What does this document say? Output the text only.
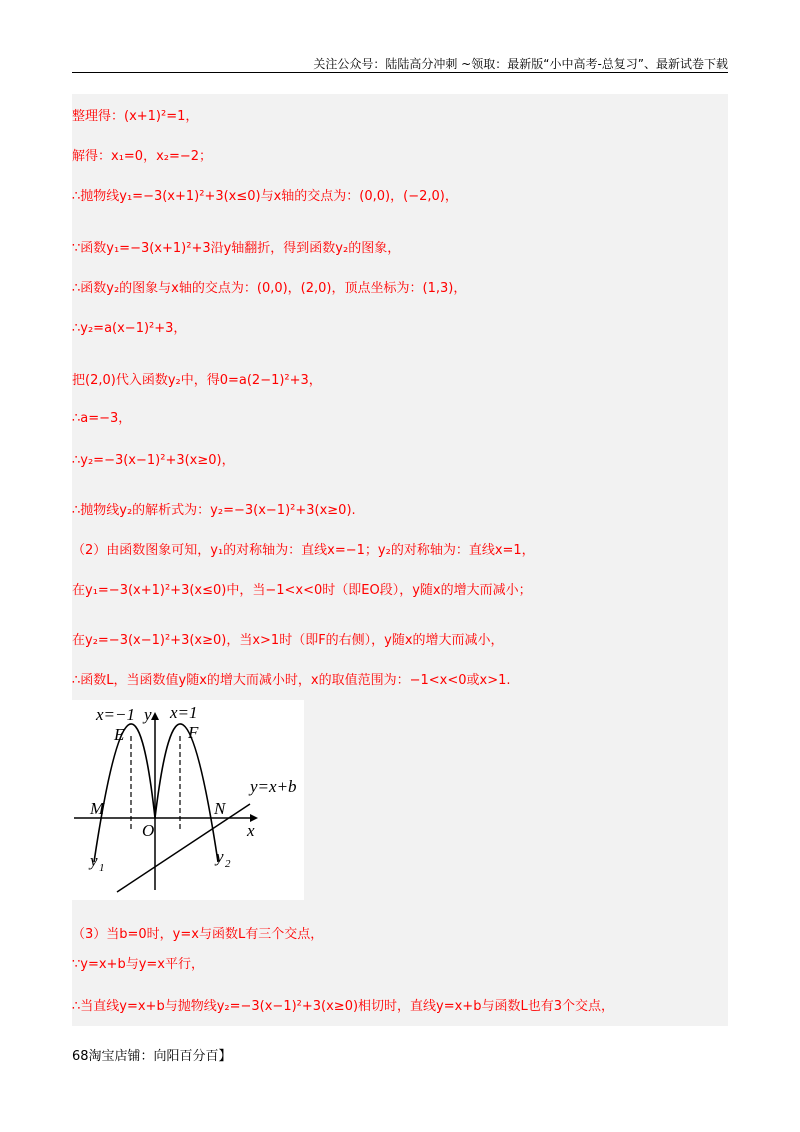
关注公众号：陆陆高分冲刺 ~领取：最新版“小中高考-总复习”、最新试卷下载
整理得：(x+1)²=1，
解得：x₁=0，x₂=−2；
∴抛物线y₁=−3(x+1)²+3(x≤0)与x轴的交点为：(0,0)，(−2,0)，
∵函数y₁=−3(x+1)²+3沿y轴翻折，得到函数y₂的图象，
∴函数y₂的图象与x轴的交点为：(0,0)，(2,0)，顶点坐标为：(1,3)，
∴y₂=a(x−1)²+3，
把(2,0)代入函数y₂中，得0=a(2−1)²+3，
∴a=−3，
∴y₂=−3(x−1)²+3(x≥0)，
∴抛物线y₂的解析式为：y₂=−3(x−1)²+3(x≥0).
（2）由函数图象可知，y₁的对称轴为：直线x=−1；y₂的对称轴为：直线x=1，
在y₁=−3(x+1)²+3(x≤0)中，当−1<x<0时（即EO段），y随x的增大而减小；
在y₂=−3(x−1)²+3(x≥0)，当x>1时（即F的右侧），y随x的增大而减小，
∴函数L，当函数值y随x的增大而减小时，x的取值范围为：−1<x<0或x>1.
x=−1 y x=1
E	F
y=x+b
M	N
O	x
y 1
y 2
（3）当b=0时，y=x与函数L有三个交点，
∵y=x+b与y=x平行，
∴当直线y=x+b与抛物线y₂=−3(x−1)²+3(x≥0)相切时，直线y=x+b与函数L也有3个交点，
68淘宝店铺：向阳百分百】
